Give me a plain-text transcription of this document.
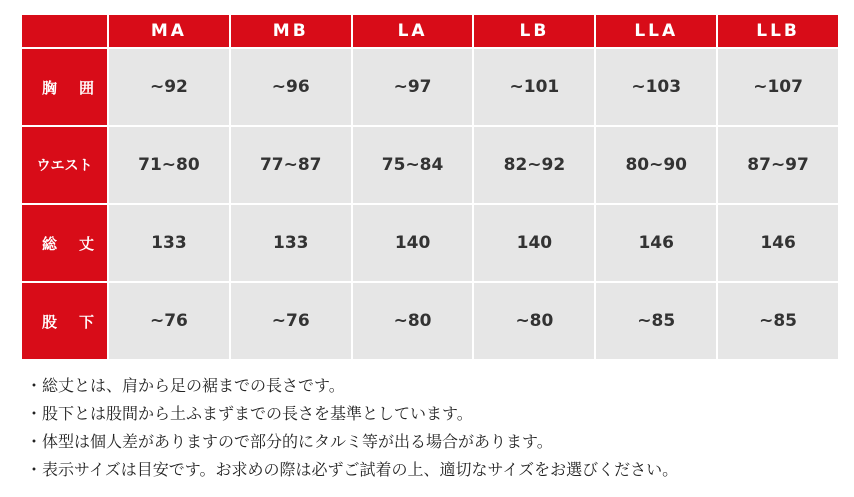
	MA	MB	LA	LB	LLA	LLB
胸囲	~92	~96	~97	~101	~103	~107
ウエスト	71~80	77~87	75~84	82~92	80~90	87~97
総丈	133	133	140	140	146	146
股下	~76	~76	~80	~80	~85	~85
・総丈とは、肩から足の裾までの長さです。
・股下とは股間から土ふまずまでの長さを基準としています。
・体型は個人差がありますので部分的にタルミ等が出る場合があります。
・表示サイズは目安です。お求めの際は必ずご試着の上、適切なサイズをお選びください。
